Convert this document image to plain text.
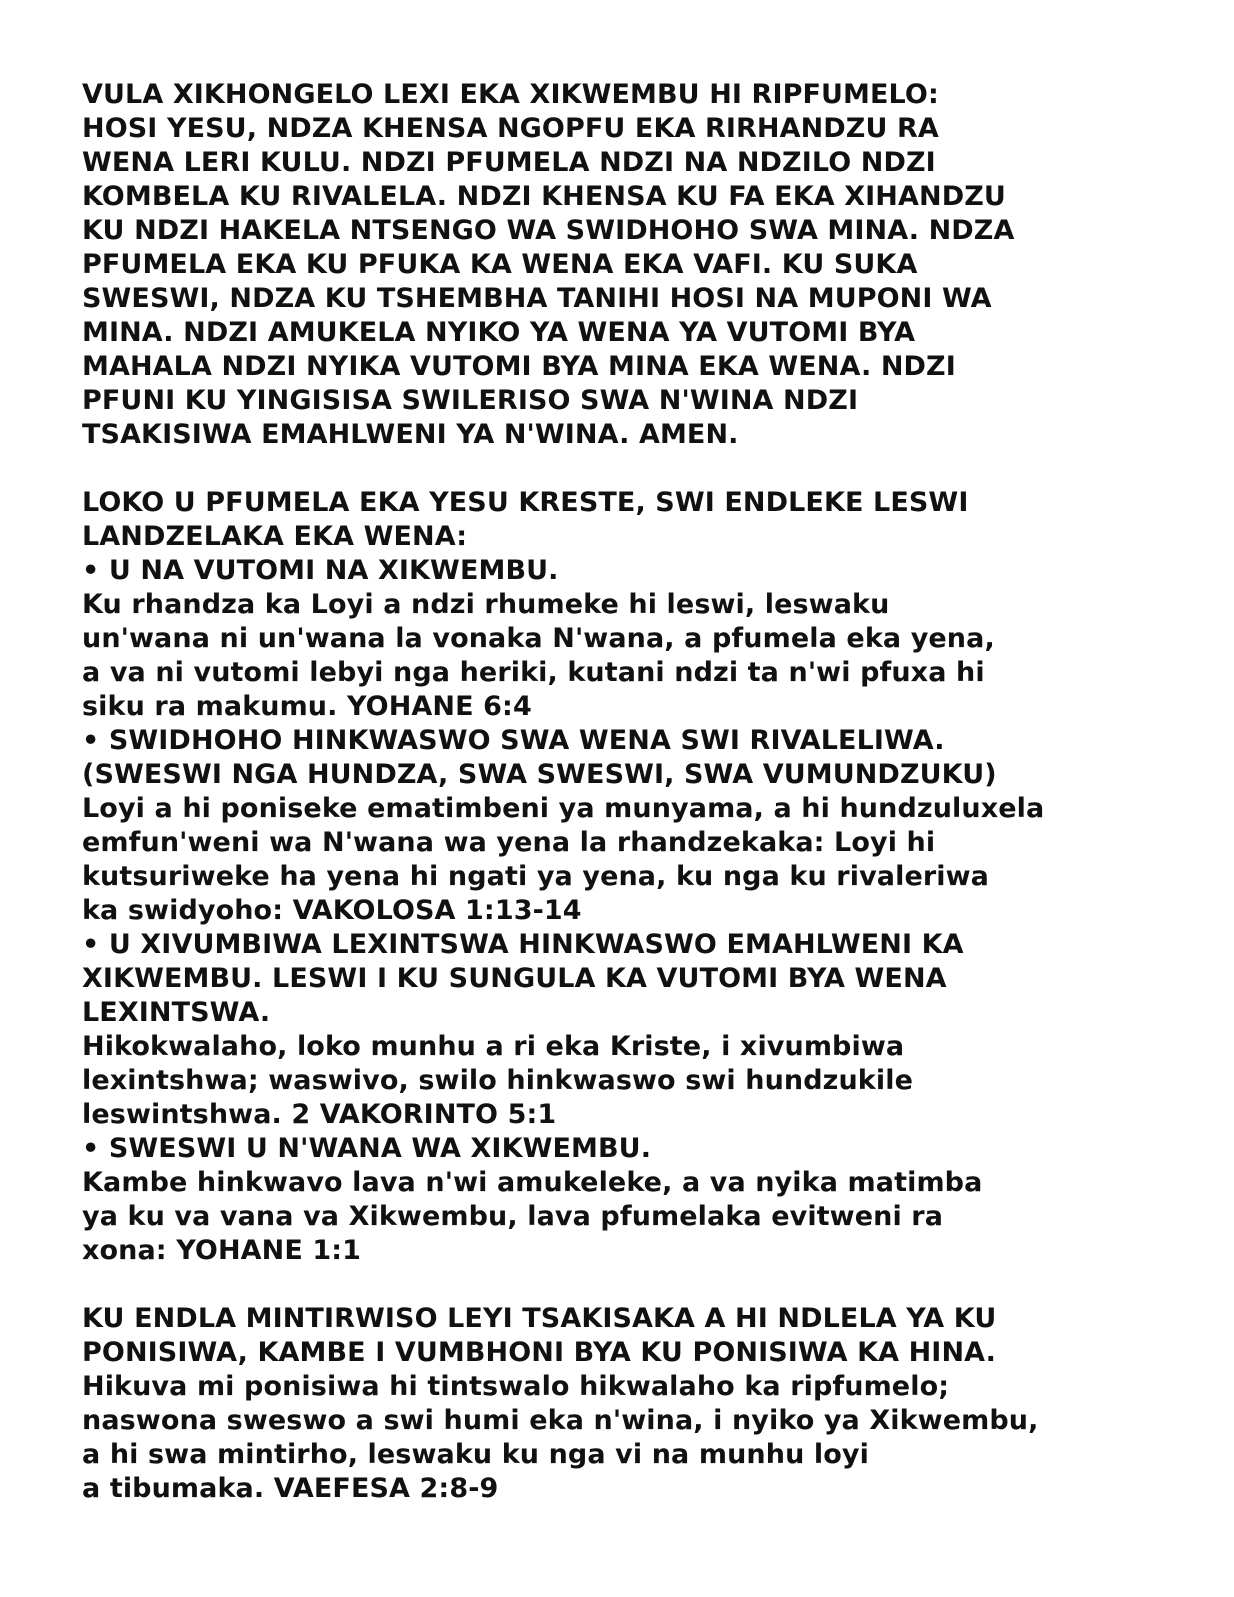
VULA XIKHONGELO LEXI EKA XIKWEMBU HI RIPFUMELO:
HOSI YESU, NDZA KHENSA NGOPFU EKA RIRHANDZU RA
WENA LERI KULU. NDZI PFUMELA NDZI NA NDZILO NDZI
KOMBELA KU RIVALELA. NDZI KHENSA KU FA EKA XIHANDZU
KU NDZI HAKELA NTSENGO WA SWIDHOHO SWA MINA. NDZA
PFUMELA EKA KU PFUKA KA WENA EKA VAFI. KU SUKA
SWESWI, NDZA KU TSHEMBHA TANIHI HOSI NA MUPONI WA
MINA. NDZI AMUKELA NYIKO YA WENA YA VUTOMI BYA
MAHALA NDZI NYIKA VUTOMI BYA MINA EKA WENA. NDZI
PFUNI KU YINGISISA SWILERISO SWA N'WINA NDZI
TSAKISIWA EMAHLWENI YA N'WINA. AMEN.
LOKO U PFUMELA EKA YESU KRESTE, SWI ENDLEKE LESWI
LANDZELAKA EKA WENA:
• U NA VUTOMI NA XIKWEMBU.
Ku rhandza ka Loyi a ndzi rhumeke hi leswi, leswaku
un'wana ni un'wana la vonaka N'wana, a pfumela eka yena,
a va ni vutomi lebyi nga heriki, kutani ndzi ta n'wi pfuxa hi
siku ra makumu. YOHANE 6:4
• SWIDHOHO HINKWASWO SWA WENA SWI RIVALELIWA.
(SWESWI NGA HUNDZA, SWA SWESWI, SWA VUMUNDZUKU)
Loyi a hi poniseke ematimbeni ya munyama, a hi hundzuluxela
emfun'weni wa N'wana wa yena la rhandzekaka: Loyi hi
kutsuriweke ha yena hi ngati ya yena, ku nga ku rivaleriwa
ka swidyoho: VAKOLOSA 1:13-14
• U XIVUMBIWA LEXINTSWA HINKWASWO EMAHLWENI KA
XIKWEMBU. LESWI I KU SUNGULA KA VUTOMI BYA WENA
LEXINTSWA.
Hikokwalaho, loko munhu a ri eka Kriste, i xivumbiwa
lexintshwa; waswivo, swilo hinkwaswo swi hundzukile
leswintshwa. 2 VAKORINTO 5:1
• SWESWI U N'WANA WA XIKWEMBU.
Kambe hinkwavo lava n'wi amukeleke, a va nyika matimba
ya ku va vana va Xikwembu, lava pfumelaka evitweni ra
xona: YOHANE 1:1
KU ENDLA MINTIRWISO LEYI TSAKISAKA A HI NDLELA YA KU
PONISIWA, KAMBE I VUMBHONI BYA KU PONISIWA KA HINA.
Hikuva mi ponisiwa hi tintswalo hikwalaho ka ripfumelo;
naswona sweswo a swi humi eka n'wina, i nyiko ya Xikwembu,
a hi swa mintirho, leswaku ku nga vi na munhu loyi
a tibumaka. VAEFESA 2:8-9
